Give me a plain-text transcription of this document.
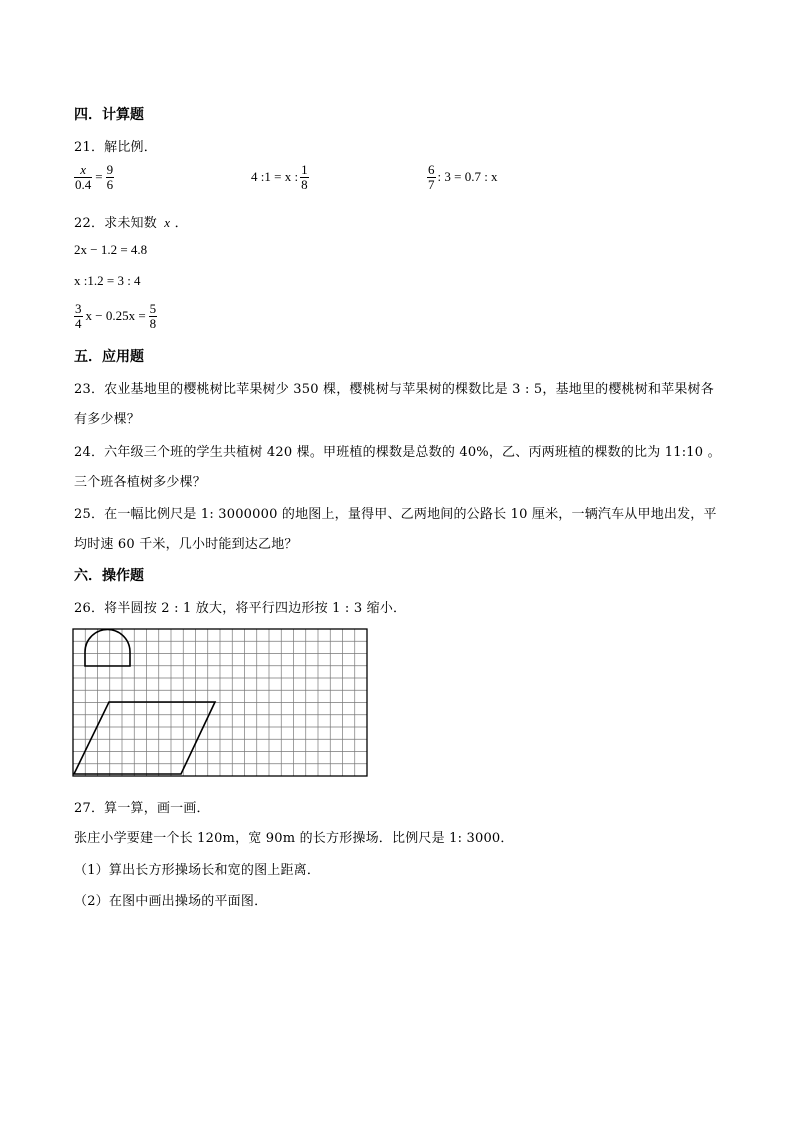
四．计算题
21．解比例．
$\frac{x}{0.4} = \frac{9}{6}$	4 :1 = x : $\frac{1}{8}$	$\frac{6}{7}$ : 3 = 0.7 : x
22．求未知数 x ．
2x − 1.2 = 4.8
x :1.2 = 3 : 4
$\frac{3}{4}$ $x - 0.25x = \frac{5}{8}$
五．应用题
23．农业基地里的樱桃树比苹果树少 350 棵，樱桃树与苹果树的棵数比是 3 : 5，基地里的樱桃树和苹果树各
有多少棵？
24．六年级三个班的学生共植树 420 棵。甲班植的棵数是总数的 40%，乙、丙两班植的棵数的比为 11:10 。
三个班各植树多少棵？
25．在一幅比例尺是 1: 3000000 的地图上，量得甲、乙两地间的公路长 10 厘米，一辆汽车从甲地出发，平
均时速 60 千米，几小时能到达乙地？
六．操作题
26．将半圆按 2 : 1 放大，将平行四边形按 1 : 3 缩小．
27．算一算，画一画．
张庄小学要建一个长 120m，宽 90m 的长方形操场．比例尺是 1: 3000．
（1）算出长方形操场长和宽的图上距离．
（2）在图中画出操场的平面图．
